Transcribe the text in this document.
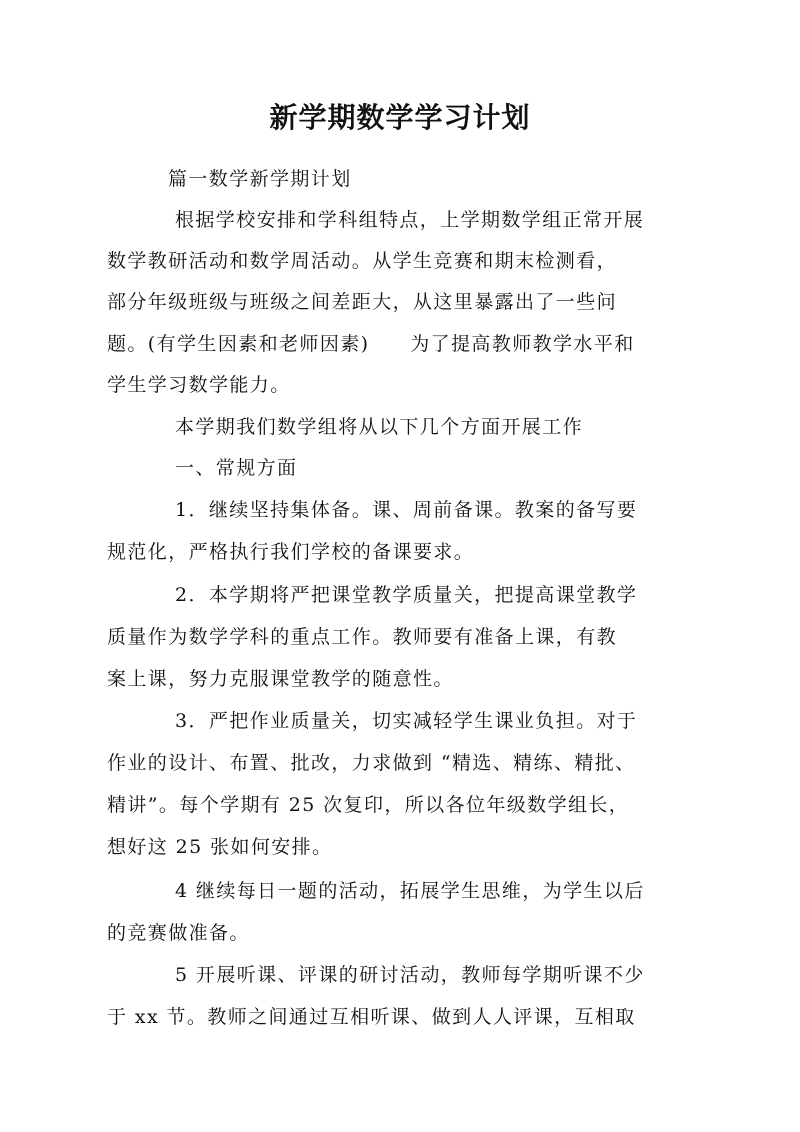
新学期数学学习计划
篇一数学新学期计划
根据学校安排和学科组特点，上学期数学组正常开展
数学教研活动和数学周活动。从学生竞赛和期末检测看，
部分年级班级与班级之间差距大，从这里暴露出了一些问
题。(有学生因素和老师因素)　　为了提高教师教学水平和
学生学习数学能力。
本学期我们数学组将从以下几个方面开展工作
一、常规方面
1．继续坚持集体备。课、周前备课。教案的备写要
规范化，严格执行我们学校的备课要求。
2．本学期将严把课堂教学质量关，把提高课堂教学
质量作为数学学科的重点工作。教师要有准备上课，有教
案上课，努力克服课堂教学的随意性。
3．严把作业质量关，切实减轻学生课业负担。对于
作业的设计、布置、批改，力求做到 “精选、精练、精批、
精讲”。每个学期有 25 次复印，所以各位年级数学组长，
想好这 25 张如何安排。
4 继续每日一题的活动，拓展学生思维，为学生以后
的竞赛做准备。
5 开展听课、评课的研讨活动，教师每学期听课不少
于 xx 节。教师之间通过互相听课、做到人人评课，互相取
